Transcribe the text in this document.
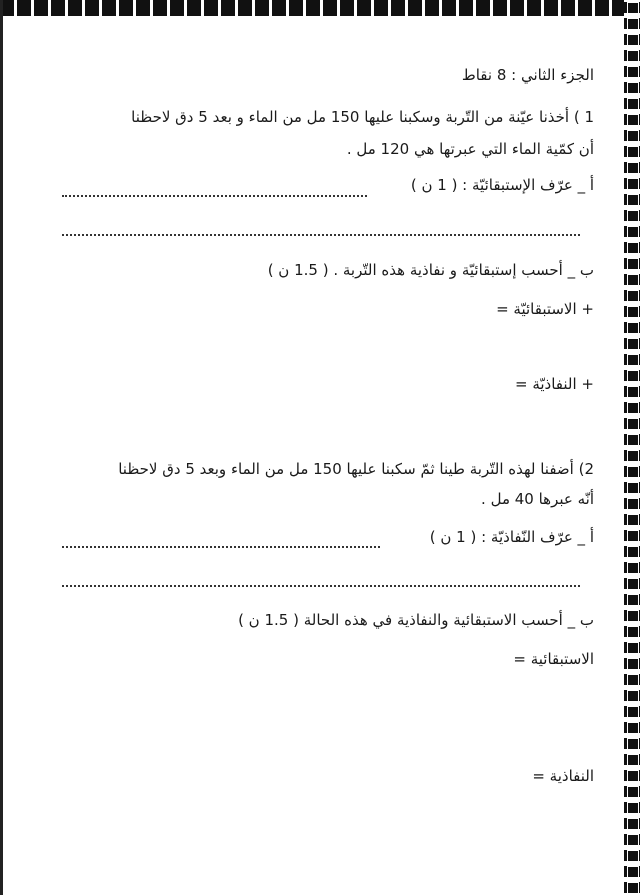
الجزء الثاني : 8 نقاط
1 ) أخذنا عيّنة من التّربة وسكبنا عليها 150 مل من الماء و بعد 5 دق لاحظنا
أن كمّية الماء التي عبرتها هي 120 مل .
أ _ عرّف الإستبقائيّة : ( 1 ن )
ب _ أحسب إستبقائيّة و نفاذية هذه التّربة . ( 1.5 ن )
+ الاستبقائيّة =
+ النفاذيّة =
2) أضفنا لهذه التّربة طينا ثمّ سكبنا عليها 150 مل من الماء وبعد 5 دق لاحظنا
أنّه عبرها 40 مل .
أ _ عرّف النّفاذيّة : ( 1 ن )
ب _ أحسب الاستبقائية والنفاذية في هذه الحالة ( 1.5 ن )
الاستبقائية =
النفاذية =
